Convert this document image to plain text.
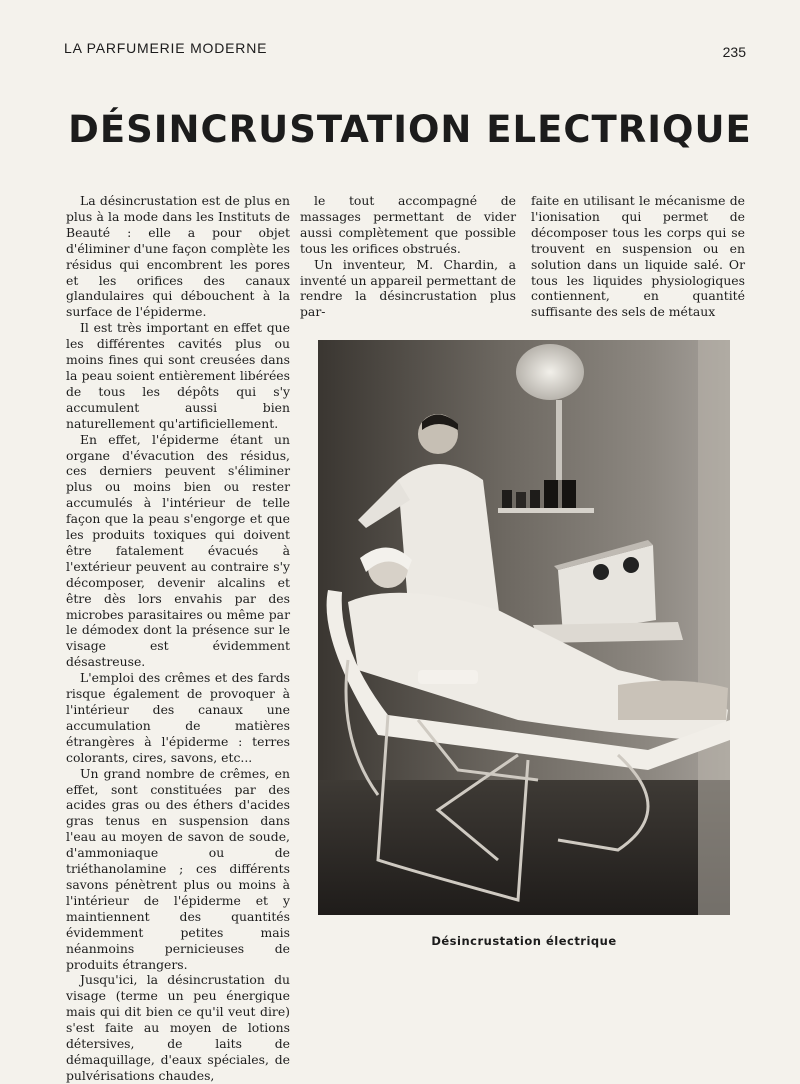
LA PARFUMERIE MODERNE	235
DÉSINCRUSTATION ELECTRIQUE

La désincrustation est de plus en plus à la mode dans les Instituts de Beauté : elle a pour objet d'éliminer d'une façon complète les résidus qui encombrent les pores et les orifices des canaux glandulaires qui débouchent à la surface de l'épiderme.

Il est très important en effet que les différentes cavités plus ou moins fines qui sont creusées dans la peau soient entièrement libérées de tous les dépôts qui s'y accumulent aussi bien naturellement qu'artificiellement.

En effet, l'épiderme étant un organe d'évacution des résidus, ces derniers peuvent s'éliminer plus ou moins bien ou rester accumulés à l'intérieur de telle façon que la peau s'engorge et que les produits toxiques qui doivent être fatalement évacués à l'extérieur peuvent au contraire s'y décomposer, devenir alcalins et être dès lors envahis par des microbes parasitaires ou même par le démodex dont la présence sur le visage est évidemment désastreuse.

L'emploi des crêmes et des fards risque également de provoquer à l'intérieur des canaux une accumulation de matières étrangères à l'épiderme : terres colorants, cires, savons, etc...

Un grand nombre de crêmes, en effet, sont constituées par des acides gras ou des éthers d'acides gras tenus en suspension dans l'eau au moyen de savon de soude, d'ammoniaque ou de triéthanolamine ; ces différents savons pénètrent plus ou moins à l'intérieur de l'épiderme et y maintiennent des quantités évidemment petites mais néanmoins pernicieuses de produits étrangers.

Jusqu'ici, la désincrustation du visage (terme un peu énergique mais qui dit bien ce qu'il veut dire) s'est faite au moyen de lotions détersives, de laits de démaquillage, d'eaux spéciales, de pulvérisations chaudes,

le tout accompagné de massages permettant de vider aussi complètement que possible tous les orifices obstrués.

Un inventeur, M. Chardin, a inventé un appareil permettant de rendre la désincrustation plus par-

faite en utilisant le mécanisme de l'ionisation qui permet de décomposer tous les corps qui se trouvent en suspension ou en solution dans un liquide salé. Or tous les liquides physiologiques contiennent, en quantité suffisante des sels de métaux

Désincrustation électrique
